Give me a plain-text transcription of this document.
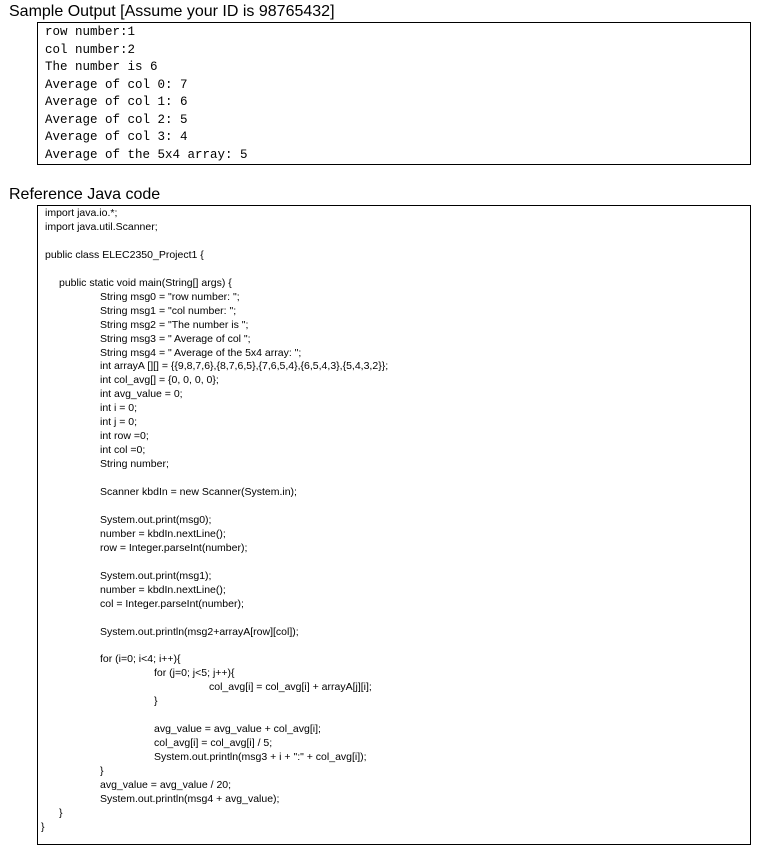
Sample Output [Assume your ID is 98765432]
row number:1
col number:2
The number is 6
Average of col 0: 7
Average of col 1: 6
Average of col 2: 5
Average of col 3: 4
Average of the 5x4 array: 5
Reference Java code
import java.io.*;
import java.util.Scanner;
public class ELEC2350_Project1 {
public static void main(String[] args) {
String msg0 = "row number: ";
String msg1 = "col number: ";
String msg2 = "The number is ";
String msg3 = " Average of col ";
String msg4 = " Average of the 5x4 array: ";
int arrayA [][] = {{9,8,7,6},{8,7,6,5},{7,6,5,4},{6,5,4,3},{5,4,3,2}};
int col_avg[] = {0, 0, 0, 0};
int avg_value = 0;
int i = 0;
int j = 0;
int row =0;
int col =0;
String number;
Scanner kbdIn = new Scanner(System.in);
System.out.print(msg0);
number = kbdIn.nextLine();
row = Integer.parseInt(number);
System.out.print(msg1);
number = kbdIn.nextLine();
col = Integer.parseInt(number);
System.out.println(msg2+arrayA[row][col]);
for (i=0; i<4; i++){
for (j=0; j<5; j++){
col_avg[i] = col_avg[i] + arrayA[j][i];
}
avg_value = avg_value + col_avg[i];
col_avg[i] = col_avg[i] / 5;
System.out.println(msg3 + i + ":" + col_avg[i]);
}
avg_value = avg_value / 20;
System.out.println(msg4 + avg_value);
}
}
